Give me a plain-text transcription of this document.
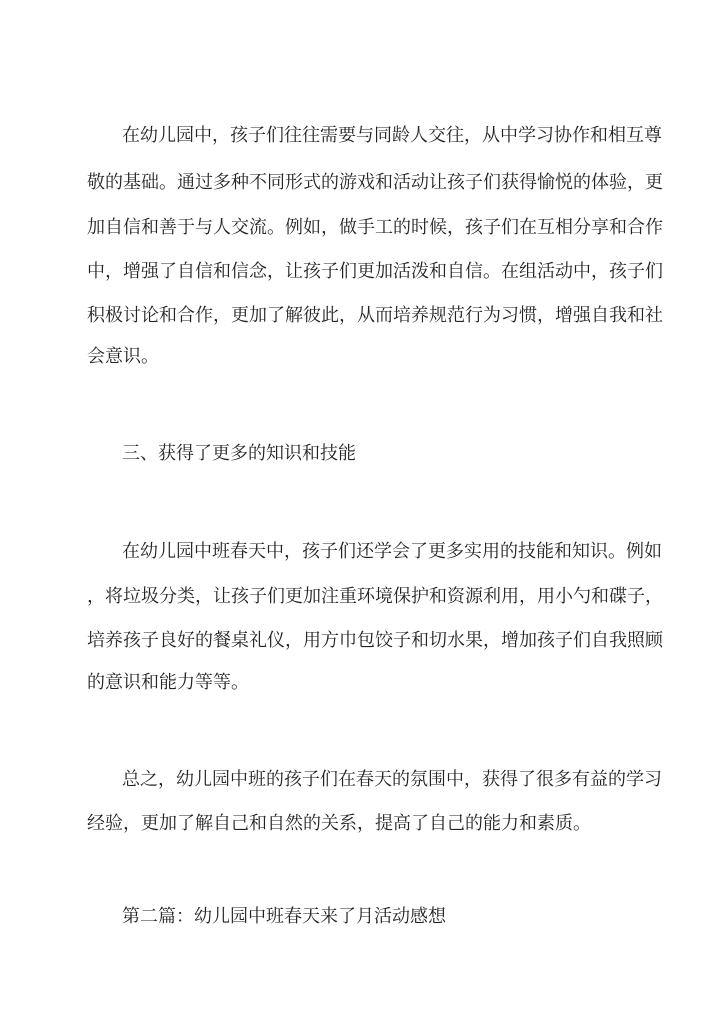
在幼儿园中，孩子们往往需要与同龄人交往，从中学习协作和相互尊
敬的基础。通过多种不同形式的游戏和活动让孩子们获得愉悦的体验，更
加自信和善于与人交流。例如，做手工的时候，孩子们在互相分享和合作
中，增强了自信和信念，让孩子们更加活泼和自信。在组活动中，孩子们
积极讨论和合作，更加了解彼此，从而培养规范行为习惯，增强自我和社
会意识。
三、获得了更多的知识和技能
在幼儿园中班春天中，孩子们还学会了更多实用的技能和知识。例如
，将垃圾分类，让孩子们更加注重环境保护和资源利用，用小勺和碟子，
培养孩子良好的餐桌礼仪，用方巾包饺子和切水果，增加孩子们自我照顾
的意识和能力等等。
总之，幼儿园中班的孩子们在春天的氛围中，获得了很多有益的学习
经验，更加了解自己和自然的关系，提高了自己的能力和素质。
第二篇：幼儿园中班春天来了月活动感想
